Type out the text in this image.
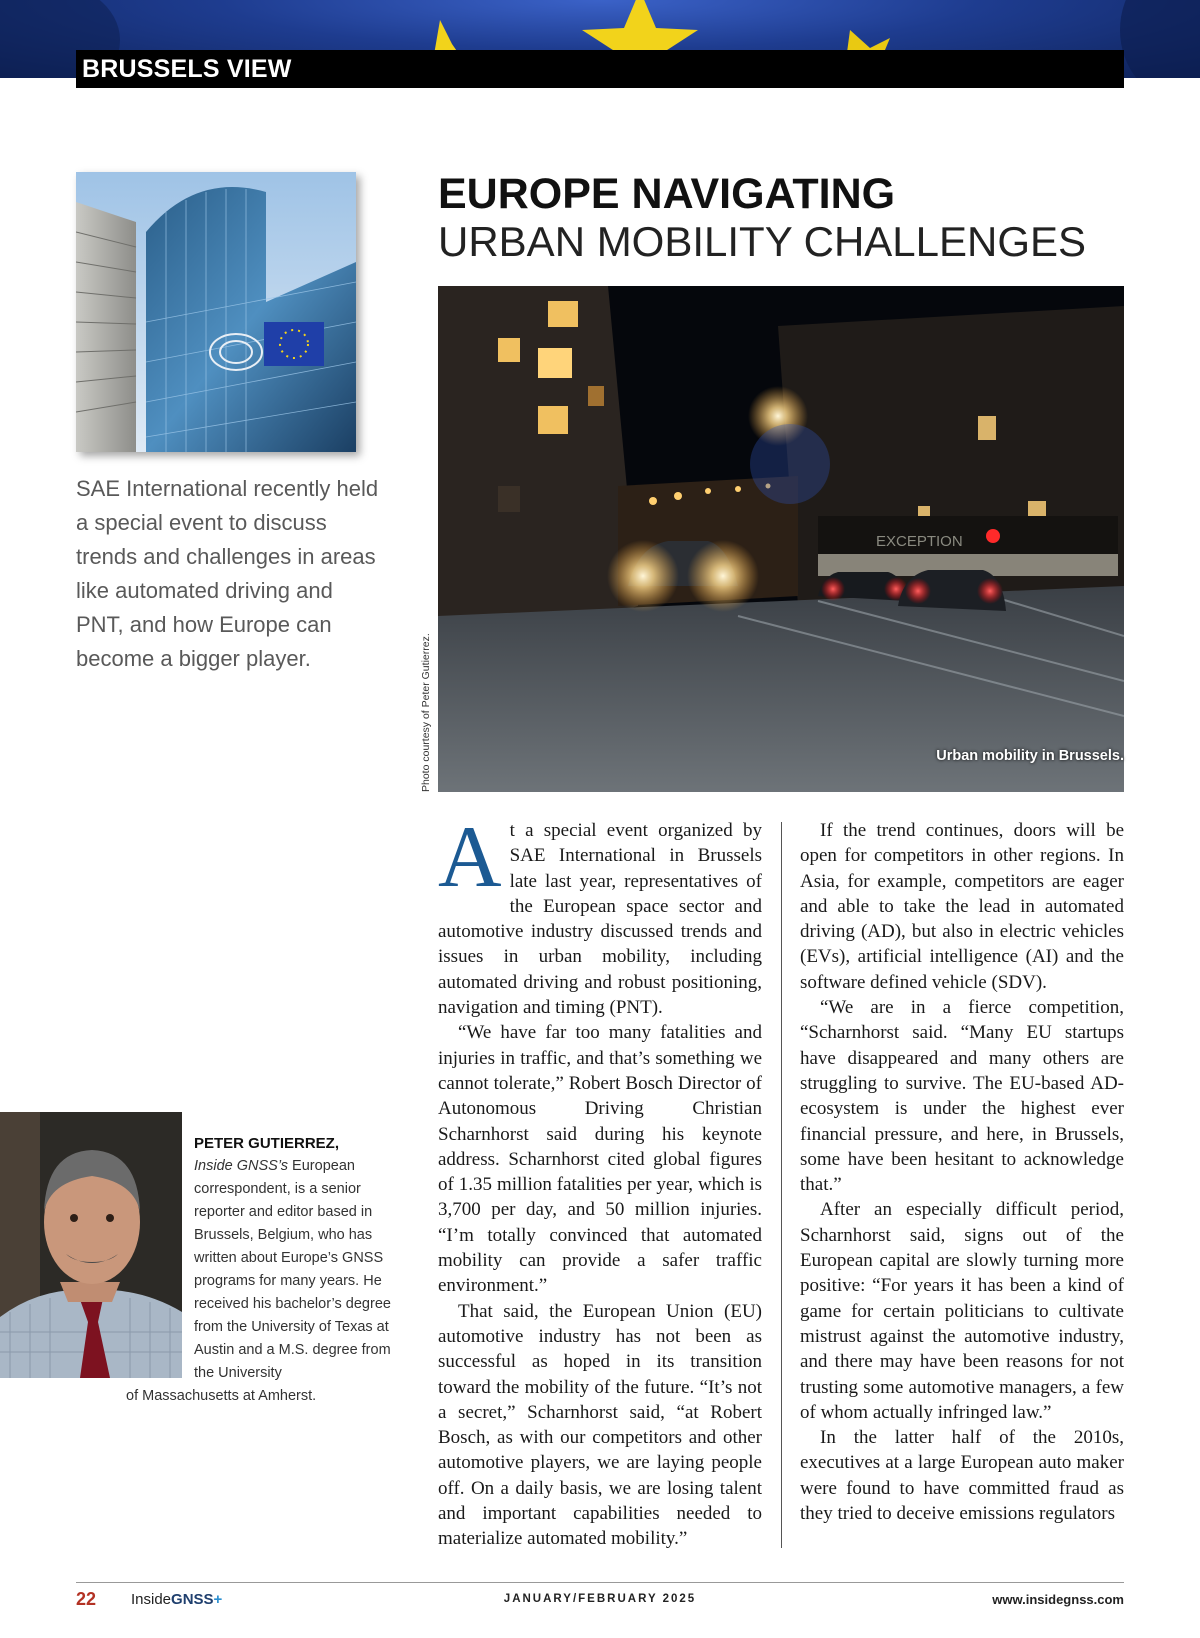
BRUSSELS VIEW
SAE International recently held a special event to discuss trends and challenges in areas like automated driving and PNT, and how Europe can become a bigger player.
EUROPE NAVIGATING
URBAN MOBILITY CHALLENGES
EXCEPTION
Urban mobility in Brussels.
Photo courtesy of Peter Gutierrez.

At a special event organized by SAE International in Brussels late last year, representatives of the European space sector and automotive industry discussed trends and issues in urban mobility, including automated driving and robust positioning, navigation and timing (PNT).

“We have far too many fatalities and injuries in traffic, and that’s something we cannot tolerate,” Robert Bosch Director of Autonomous Driving Christian Scharnhorst said during his keynote address. Scharnhorst cited global figures of 1.35 million fatalities per year, which is 3,700 per day, and 50 million injuries. “I’m totally convinced that automated mobility can provide a safer traffic environment.”

That said, the European Union (EU) automotive industry has not been as successful as hoped in its transition toward the mobility of the future. “It’s not a secret,” Scharnhorst said, “at Robert Bosch, as with our competitors and other automotive players, we are laying people off. On a daily basis, we are losing talent and important capabilities needed to materialize automated mobility.”

If the trend continues, doors will be open for competitors in other regions. In Asia, for example, competitors are eager and able to take the lead in automated driving (AD), but also in electric vehicles (EVs), artificial intelligence (AI) and the software defined vehicle (SDV).

“We are in a fierce competition, “Scharnhorst said. “Many EU startups have disappeared and many others are struggling to survive. The EU-based AD-ecosystem is under the highest ever financial pressure, and here, in Brussels, some have been hesitant to acknowledge that.”

After an especially difficult period, Scharnhorst said, signs out of the European capital are slowly turning more positive: “For years it has been a kind of game for certain politicians to cultivate mistrust against the automotive industry, and there may have been reasons for not trusting some automotive managers, a few of whom actually infringed law.”

In the latter half of the 2010s, executives at a large European auto maker were found to have committed fraud as they tried to deceive emissions regulators

PETER GUTIERREZ,
Inside GNSS’s European correspondent, is a senior reporter and editor based in Brussels, Belgium, who has written about Europe’s GNSS programs for many years. He received his bachelor’s degree from the University of Texas at Austin and a M.S. degree from the University
of Massachusetts at Amherst.
22 InsideGNSS+	JANUARY/FEBRUARY 2025	www.insidegnss.com
